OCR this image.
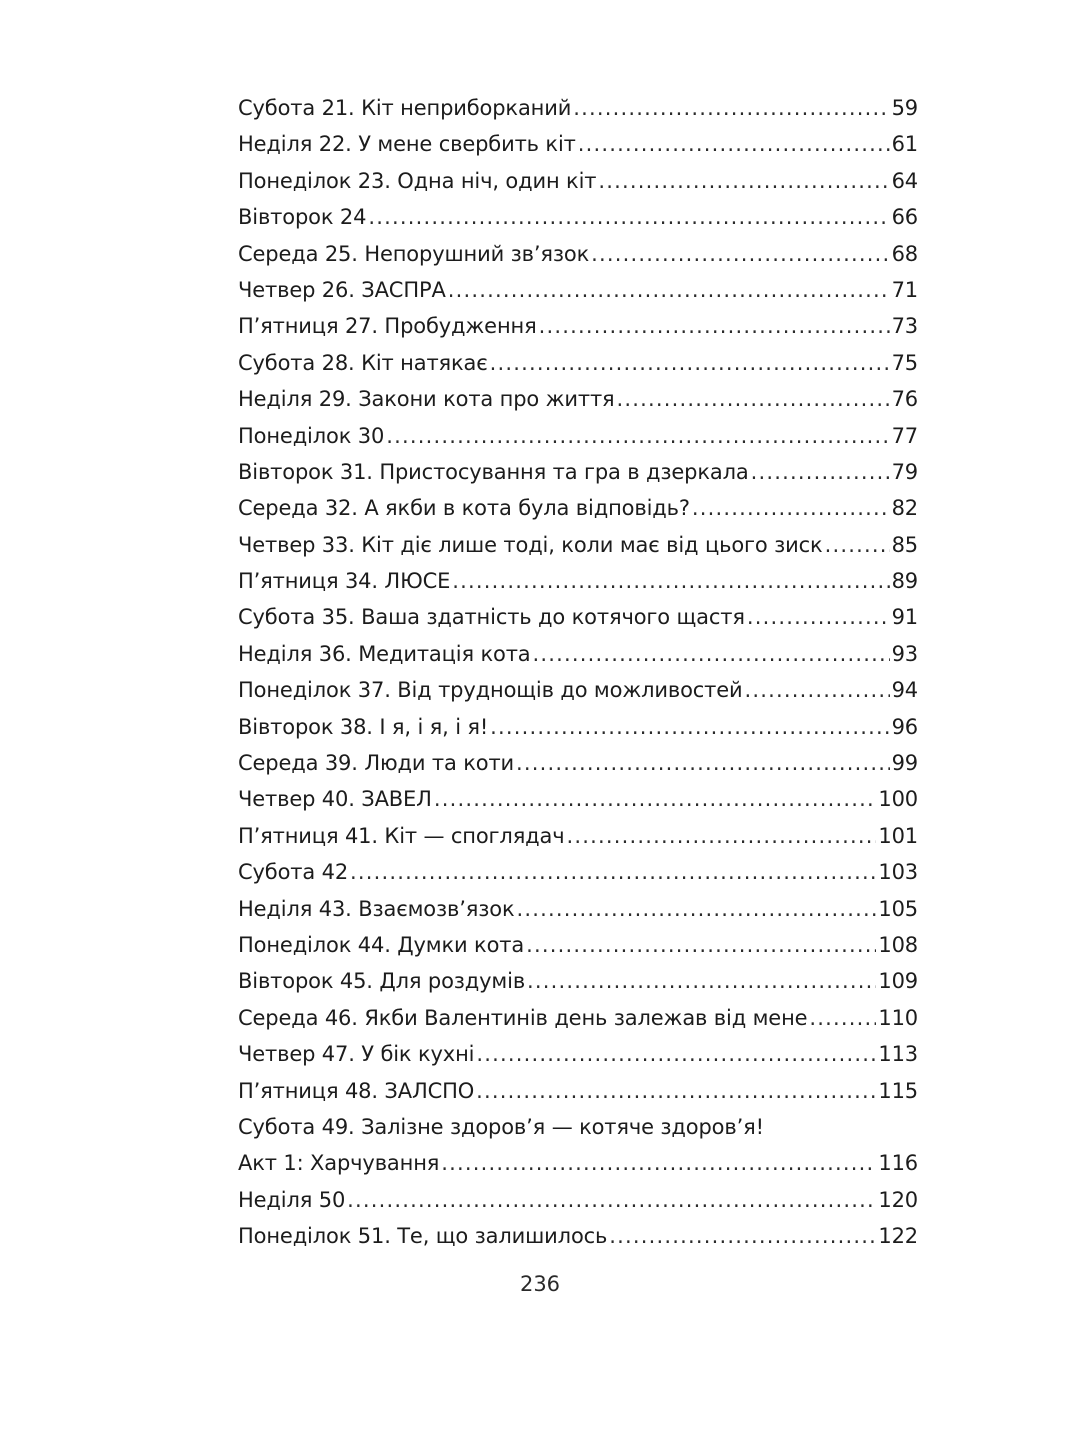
Субота 21. Кіт неприборканий .....	59
Неділя 22. У мене свербить кіт .....	61
Понеділок 23. Одна ніч, один кіт .....	64
Вівторок 24 .....	66
Середа 25. Непорушний зв’язок .....	68
Четвер 26. ЗАСПРА .....	71
П’ятниця 27. Пробудження .....	73
Субота 28. Кіт натякає .....	75
Неділя 29. Закони кота про життя .....	76
Понеділок 30 .....	77
Вівторок 31. Пристосування та гра в дзеркала .....	79
Середа 32. А якби в кота була відповідь? .....	82
Четвер 33. Кіт діє лише тоді, коли має від цього зиск .....	85
П’ятниця 34. ЛЮСЕ .....	89
Субота 35. Ваша здатність до котячого щастя .....	91
Неділя 36. Медитація кота .....	93
Понеділок 37. Від труднощів до можливостей .....	94
Вівторок 38. І я, і я, і я! .....	96
Середа 39. Люди та коти .....	99
Четвер 40. ЗАВЕЛ .....	100
П’ятниця 41. Кіт — споглядач .....	101
Субота 42 .....	103
Неділя 43. Взаємозв’язок .....	105
Понеділок 44. Думки кота .....	108
Вівторок 45. Для роздумів .....	109
Середа 46. Якби Валентинів день залежав від мене .....	110
Четвер 47. У бік кухні .....	113
П’ятниця 48. ЗАЛСПО .....	115
Субота 49. Залізне здоров’я — котяче здоров’я!
Акт 1: Харчування .....	116
Неділя 50 .....	120
Понеділок 51. Те, що залишилось .....	122
236
